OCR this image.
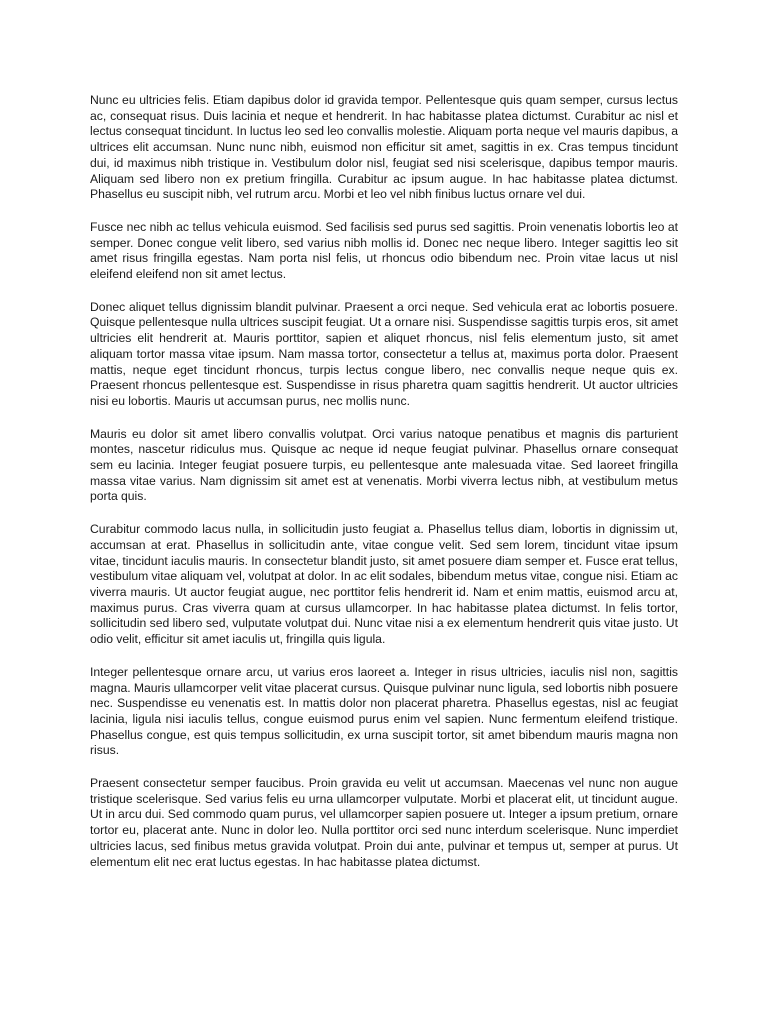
Nunc eu ultricies felis. Etiam dapibus dolor id gravida tempor. Pellentesque quis quam semper, cursus lectus ac, consequat risus. Duis lacinia et neque et hendrerit. In hac habitasse platea dictumst. Curabitur ac nisl et lectus consequat tincidunt. In luctus leo sed leo convallis molestie. Aliquam porta neque vel mauris dapibus, a ultrices elit accumsan. Nunc nunc nibh, euismod non efficitur sit amet, sagittis in ex. Cras tempus tincidunt dui, id maximus nibh tristique in. Vestibulum dolor nisl, feugiat sed nisi scelerisque, dapibus tempor mauris. Aliquam sed libero non ex pretium fringilla. Curabitur ac ipsum augue. In hac habitasse platea dictumst. Phasellus eu suscipit nibh, vel rutrum arcu. Morbi et leo vel nibh finibus luctus ornare vel dui.

Fusce nec nibh ac tellus vehicula euismod. Sed facilisis sed purus sed sagittis. Proin venenatis lobortis leo at semper. Donec congue velit libero, sed varius nibh mollis id. Donec nec neque libero. Integer sagittis leo sit amet risus fringilla egestas. Nam porta nisl felis, ut rhoncus odio bibendum nec. Proin vitae lacus ut nisl eleifend eleifend non sit amet lectus.

Donec aliquet tellus dignissim blandit pulvinar. Praesent a orci neque. Sed vehicula erat ac lobortis posuere. Quisque pellentesque nulla ultrices suscipit feugiat. Ut a ornare nisi. Suspendisse sagittis turpis eros, sit amet ultricies elit hendrerit at. Mauris porttitor, sapien et aliquet rhoncus, nisl felis elementum justo, sit amet aliquam tortor massa vitae ipsum. Nam massa tortor, consectetur a tellus at, maximus porta dolor. Praesent mattis, neque eget tincidunt rhoncus, turpis lectus congue libero, nec convallis neque neque quis ex. Praesent rhoncus pellentesque est. Suspendisse in risus pharetra quam sagittis hendrerit. Ut auctor ultricies nisi eu lobortis. Mauris ut accumsan purus, nec mollis nunc.

Mauris eu dolor sit amet libero convallis volutpat. Orci varius natoque penatibus et magnis dis parturient montes, nascetur ridiculus mus. Quisque ac neque id neque feugiat pulvinar. Phasellus ornare consequat sem eu lacinia. Integer feugiat posuere turpis, eu pellentesque ante malesuada vitae. Sed laoreet fringilla massa vitae varius. Nam dignissim sit amet est at venenatis. Morbi viverra lectus nibh, at vestibulum metus porta quis.

Curabitur commodo lacus nulla, in sollicitudin justo feugiat a. Phasellus tellus diam, lobortis in dignissim ut, accumsan at erat. Phasellus in sollicitudin ante, vitae congue velit. Sed sem lorem, tincidunt vitae ipsum vitae, tincidunt iaculis mauris. In consectetur blandit justo, sit amet posuere diam semper et. Fusce erat tellus, vestibulum vitae aliquam vel, volutpat at dolor. In ac elit sodales, bibendum metus vitae, congue nisi. Etiam ac viverra mauris. Ut auctor feugiat augue, nec porttitor felis hendrerit id. Nam et enim mattis, euismod arcu at, maximus purus. Cras viverra quam at cursus ullamcorper. In hac habitasse platea dictumst. In felis tortor, sollicitudin sed libero sed, vulputate volutpat dui. Nunc vitae nisi a ex elementum hendrerit quis vitae justo. Ut odio velit, efficitur sit amet iaculis ut, fringilla quis ligula.

Integer pellentesque ornare arcu, ut varius eros laoreet a. Integer in risus ultricies, iaculis nisl non, sagittis magna. Mauris ullamcorper velit vitae placerat cursus. Quisque pulvinar nunc ligula, sed lobortis nibh posuere nec. Suspendisse eu venenatis est. In mattis dolor non placerat pharetra. Phasellus egestas, nisl ac feugiat lacinia, ligula nisi iaculis tellus, congue euismod purus enim vel sapien. Nunc fermentum eleifend tristique. Phasellus congue, est quis tempus sollicitudin, ex urna suscipit tortor, sit amet bibendum mauris magna non risus.

Praesent consectetur semper faucibus. Proin gravida eu velit ut accumsan. Maecenas vel nunc non augue tristique scelerisque. Sed varius felis eu urna ullamcorper vulputate. Morbi et placerat elit, ut tincidunt augue. Ut in arcu dui. Sed commodo quam purus, vel ullamcorper sapien posuere ut. Integer a ipsum pretium, ornare tortor eu, placerat ante. Nunc in dolor leo. Nulla porttitor orci sed nunc interdum scelerisque. Nunc imperdiet ultricies lacus, sed finibus metus gravida volutpat. Proin dui ante, pulvinar et tempus ut, semper at purus. Ut elementum elit nec erat luctus egestas. In hac habitasse platea dictumst.
